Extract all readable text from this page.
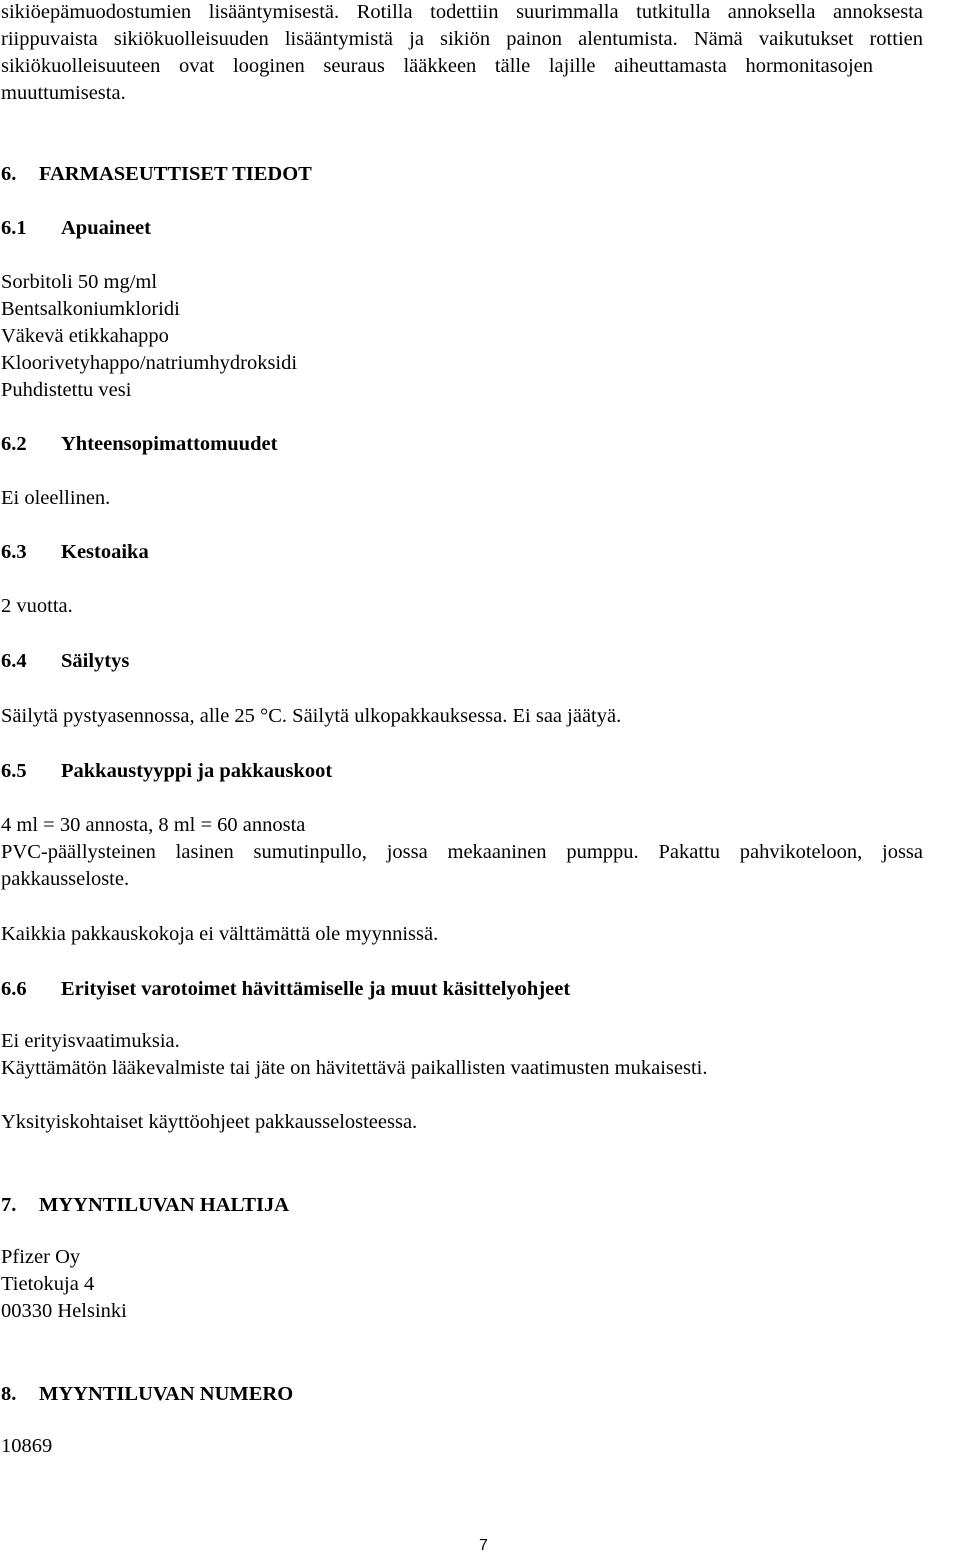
sikiöepämuodostumien lisääntymisestä. Rotilla todettiin suurimmalla tutkitulla annoksella annoksesta
riippuvaista sikiökuolleisuuden lisääntymistä ja sikiön painon alentumista. Nämä vaikutukset rottien
sikiökuolleisuuteen ovat looginen seuraus lääkkeen tälle lajille aiheuttamasta hormonitasojen
muuttumisesta.
6. FARMASEUTTISET TIEDOT
6.1 Apuaineet
Sorbitoli 50 mg/ml
Bentsalkoniumkloridi
Väkevä etikkahappo
Kloorivetyhappo/natriumhydroksidi
Puhdistettu vesi
6.2 Yhteensopimattomuudet
Ei oleellinen.
6.3 Kestoaika
2 vuotta.
6.4 Säilytys
Säilytä pystyasennossa, alle 25 °C. Säilytä ulkopakkauksessa. Ei saa jäätyä.
6.5 Pakkaustyyppi ja pakkauskoot
4 ml = 30 annosta, 8 ml = 60 annosta
PVC-päällysteinen lasinen sumutinpullo, jossa mekaaninen pumppu. Pakattu pahvikoteloon, jossa
pakkausseloste.
Kaikkia pakkauskokoja ei välttämättä ole myynnissä.
6.6 Erityiset varotoimet hävittämiselle ja muut käsittelyohjeet
Ei erityisvaatimuksia.
Käyttämätön lääkevalmiste tai jäte on hävitettävä paikallisten vaatimusten mukaisesti.
Yksityiskohtaiset käyttöohjeet pakkausselosteessa.
7. MYYNTILUVAN HALTIJA
Pfizer Oy
Tietokuja 4
00330 Helsinki
8. MYYNTILUVAN NUMERO
10869
7
